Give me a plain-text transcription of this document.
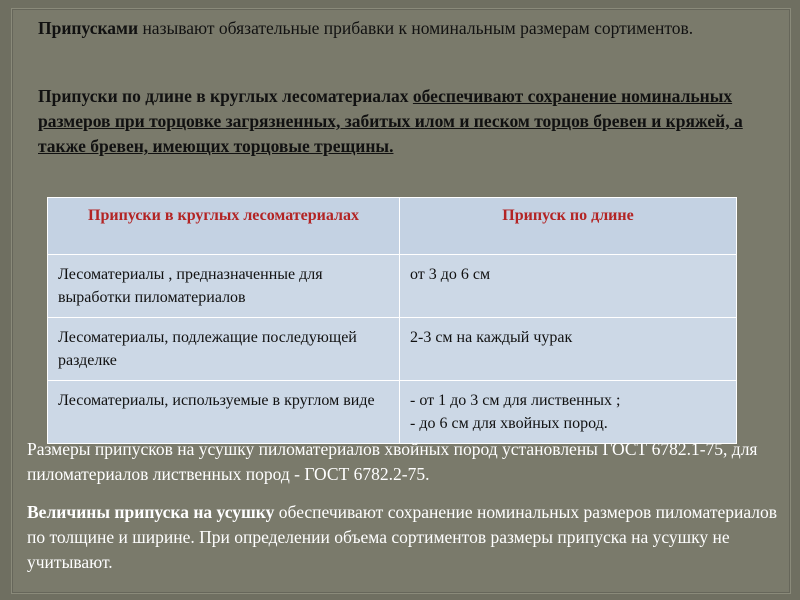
Припусками называют обязательные прибавки к номинальным размерам сортиментов.
Припуски по длине в круглых лесоматериалах обеспечивают сохранение номинальных размеров при торцовке загрязненных, забитых илом и песком торцов бревен и кряжей, а также бревен, имеющих торцовые трещины.
Припуски в круглых лесоматериалах	Припуск по длине
Лесоматериалы , предназначенные для выработки пиломатериалов	от 3 до 6 см

Лесоматериалы, подлежащие последующей разделке	2-3 см на каждый чурак

Лесоматериалы, используемые в круглом виде	- от 1 до 3 см для лиственных ;
- до 6 см для хвойных пород.
Размеры припусков на усушку пиломатериалов хвойных пород установлены ГОСТ 6782.1-75, для пиломатериалов лиственных пород - ГОСТ 6782.2-75.
Величины припуска на усушку обеспечивают сохранение номинальных размеров пиломатериалов по толщине и ширине. При определении объема сортиментов размеры припуска на усушку не учитывают.
